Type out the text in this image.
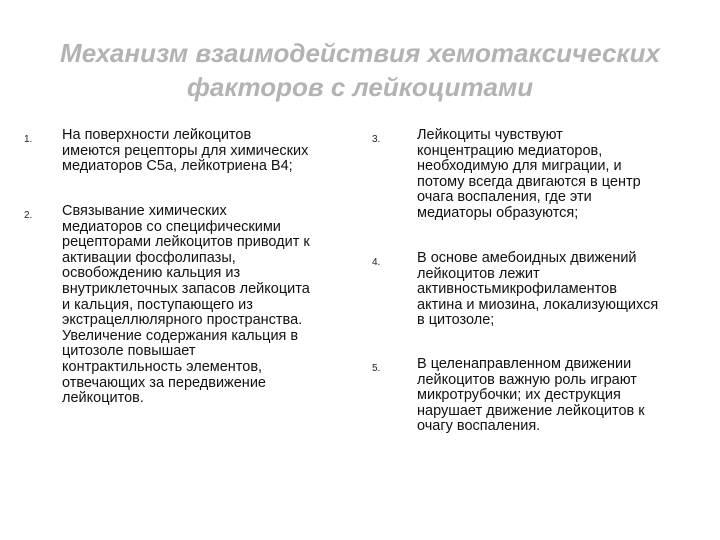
Механизм взаимодействия хемотаксических факторов с лейкоцитами
1. На поверхности лейкоцитов
имеются рецепторы для химических
медиаторов С5а, лейкотриена В4;
2. Связывание химических
медиаторов со специфическими
рецепторами лейкоцитов приводит к
активации фосфолипазы,
освобождению кальция из
внутриклеточных запасов лейкоцита
и кальция, поступающего из
экстрацеллюлярного пространства.
Увеличение содержания кальция в
цитозоле повышает
контрактильность элементов,
отвечающих за передвижение
лейкоцитов.
3.	Лейкоциты чувствуют
концентрацию медиаторов,
необходимую для миграции, и
потому всегда двигаются в центр
очага воспаления, где эти
медиаторы образуются;
4.	В основе амебоидных движений
лейкоцитов лежит
активностьмикрофиламентов
актина и миозина, локализующихся
в цитозоле;
5.	В целенаправленном движении
лейкоцитов важную роль играют
микротрубочки; их деструкция
нарушает движение лейкоцитов к
очагу воспаления.
